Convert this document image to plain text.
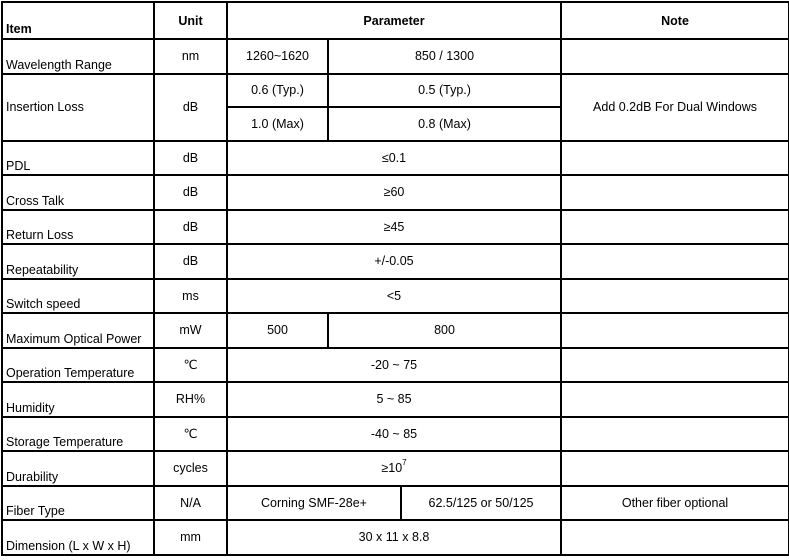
Item	Unit	Parameter			Note
Wavelength Range	nm	1260~1620	850 / 1300		
Insertion Loss	dB	0.6 (Typ.)	0.5 (Typ.)		Add 0.2dB For Dual Windows
		1.0 (Max)	0.8 (Max)		
PDL	dB	≤0.1			
Cross Talk	dB	≥60			
Return Loss	dB	≥45			
Repeatability	dB	+/-0.05			
Switch speed	ms	<5			
Maximum Optical Power	mW	500	800		
Operation Temperature	℃	-20 ~ 75			
Humidity	RH%	5 ~ 85			
Storage Temperature	℃	-40 ~ 85			
Durability	cycles	$\ge 10^7$	
Fiber Type	N/A	Corning SMF-28e+		62.5/125 or 50/125	Other fiber optional
Dimension (L x W x H)	mm	30 x 11 x 8.8			
